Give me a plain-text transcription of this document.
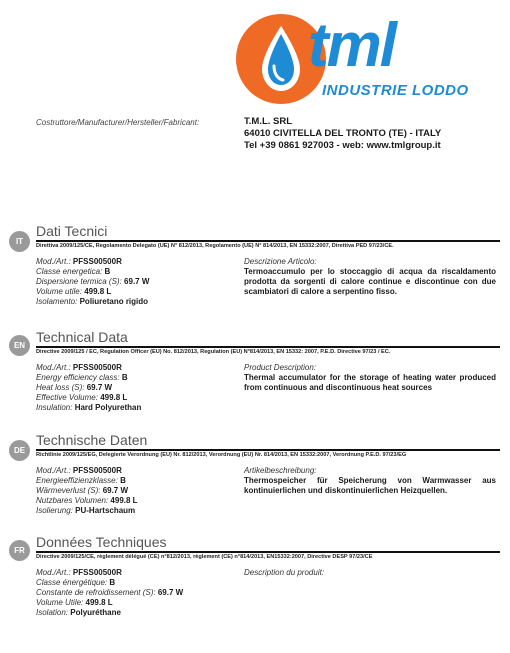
tml
INDUSTRIE LODDO
Costruttore/Manufacturer/Hersteller/Fabricant:	T.M.L. SRL
64010 CIVITELLA DEL TRONTO (TE) - ITALY
Tel +39 0861 927003 - web: www.tmlgroup.it
IT
Dati Tecnici
Direttiva 2009/125/CE, Regolamento Delegato (UE) N° 812/2013, Regolamento (UE) N° 814/2013, EN 15332:2007, Direttiva PED 97/23/CE.
Mod./Art.: PFSS00500R
Classe energetica: B
Dispersione termica (S): 69.7 W
Volume utile: 499.8 L
Isolamento: Poliuretano rigido
Descrizione Articolo:
Termoaccumulo per lo stoccaggio di acqua da riscaldamento prodotta da sorgenti di calore continue e discontinue con due scambiatori di calore a serpentino fisso.
EN
Technical Data
Directive 2009/125 / EC, Regulation Officer (EU) No. 812/2013, Regulation (EU) N°814/2013, EN 15332: 2007, P.E.D. Directive 97/23 / EC.
Mod./Art.: PFSS00500R
Energy efficiency class: B
Heat loss (S): 69.7 W
Effective Volume: 499.8 L
Insulation: Hard Polyurethan
Product Description:
Thermal accumulator for the storage of heating water produced from continuous and discontinuous heat sources
DE
Technische Daten
Richtlinie 2009/125/EG, Delegierte Verordnung (EU) Nr. 812/2013, Verordnung (EU) Nr. 814/2013, EN 15332:2007, Verordnung P.E.D. 97/23/EG
Mod./Art.: PFSS00500R
Energieeffizienzklasse: B
Wärmeverlust (S): 69.7 W
Nutzbares Volumen: 499.8 L
Isolierung: PU-Hartschaum
Artikelbeschreibung:
Thermospeicher für Speicherung von Warmwasser aus kontinuierlichen und diskontinuierlichen Heizquellen.
FR
Données Techniques
Directive 2009/125/CE, règlement délégué (CE) n°812/2013, règlement (CE) n°814/2013, EN15332:2007, Directive DESP 97/23/CE
Mod./Art.: PFSS00500R
Classe énergétique: B
Constante de refroidissement (S): 69.7 W
Volume Utile: 499.8 L
Isolation: Polyuréthane
Description du produit:
